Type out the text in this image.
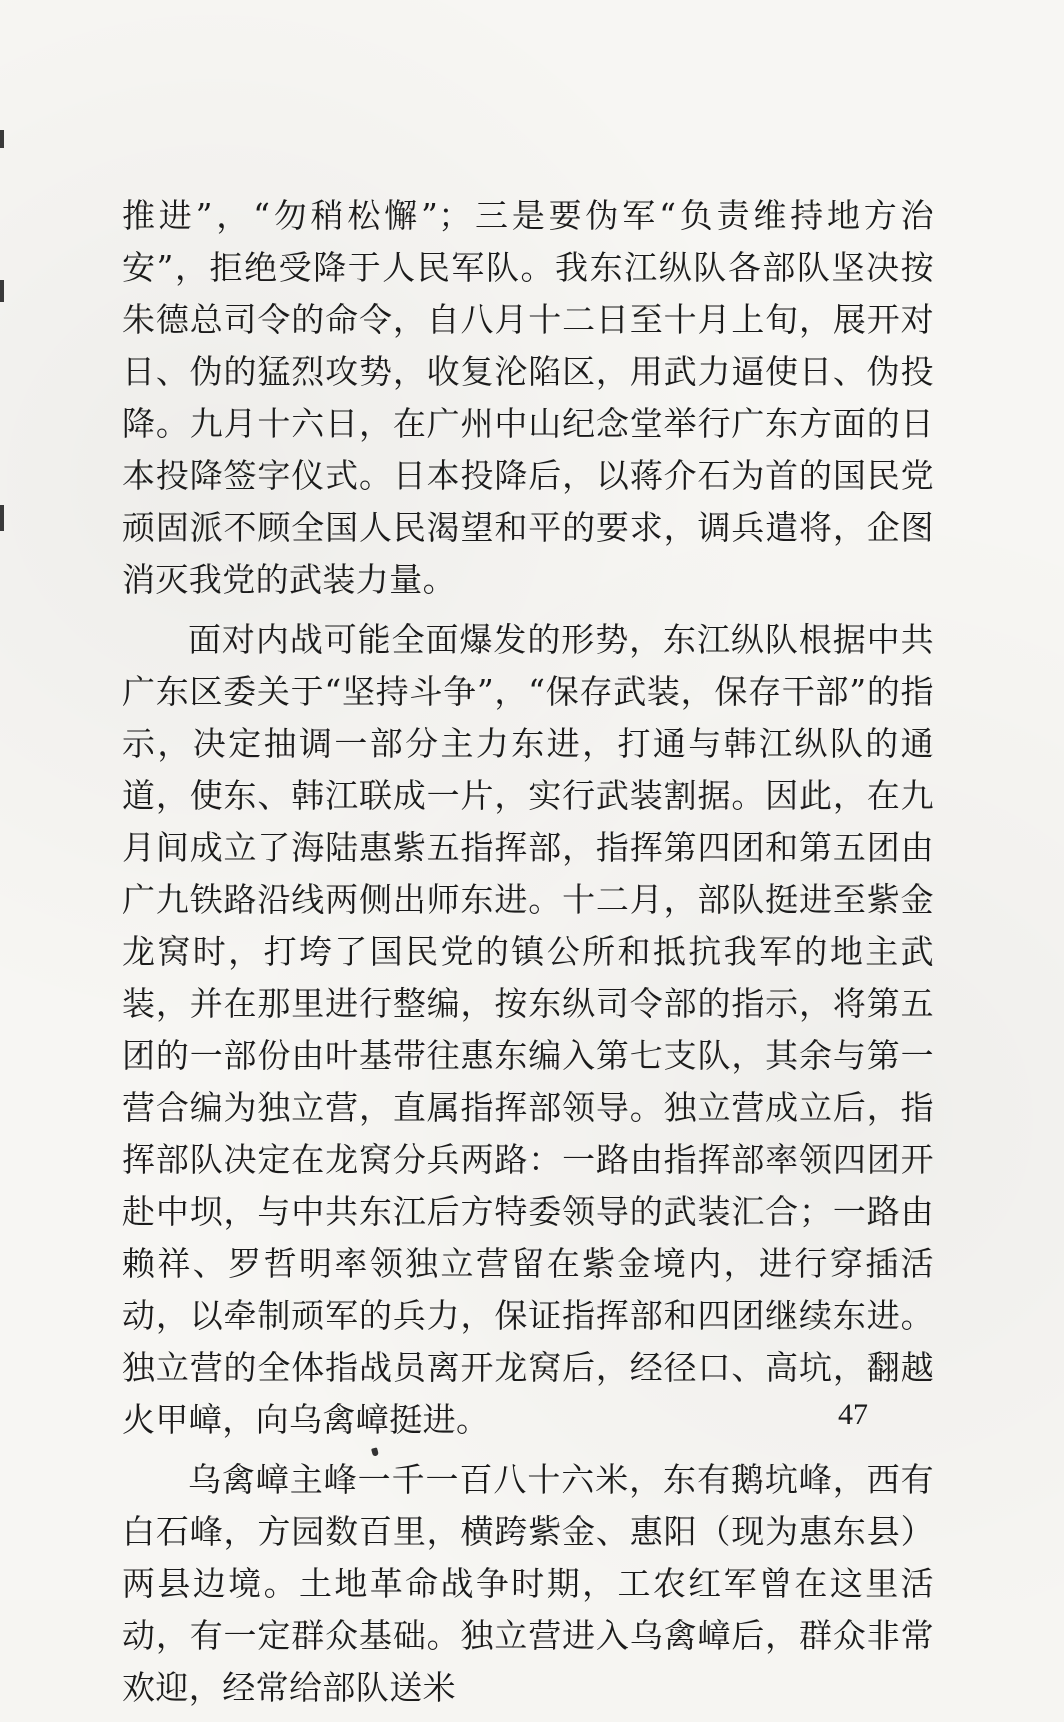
推进”，“勿稍松懈”；三是要伪军“负责维持地方治安”，拒绝受降于人民军队。我东江纵队各部队坚决按朱德总司令的命令，自八月十二日至十月上旬，展开对日、伪的猛烈攻势，收复沦陷区，用武力逼使日、伪投降。九月十六日，在广州中山纪念堂举行广东方面的日本投降签字仪式。日本投降后，以蒋介石为首的国民党顽固派不顾全国人民渴望和平的要求，调兵遣将，企图消灭我党的武装力量。

面对内战可能全面爆发的形势，东江纵队根据中共广东区委关于“坚持斗争”，“保存武装，保存干部”的指示，决定抽调一部分主力东进，打通与韩江纵队的通道，使东、韩江联成一片，实行武装割据。因此，在九月间成立了海陆惠紫五指挥部，指挥第四团和第五团由广九铁路沿线两侧出师东进。十二月，部队挺进至紫金龙窝时，打垮了国民党的镇公所和抵抗我军的地主武装，并在那里进行整编，按东纵司令部的指示，将第五团的一部份由叶基带往惠东编入第七支队，其余与第一营合编为独立营，直属指挥部领导。独立营成立后，指挥部队决定在龙窝分兵两路：一路由指挥部率领四团开赴中坝，与中共东江后方特委领导的武装汇合；一路由赖祥、罗哲明率领独立营留在紫金境内，进行穿插活动，以牵制顽军的兵力，保证指挥部和四团继续东进。独立营的全体指战员离开龙窝后，经径口、高坑，翻越火甲嶂，向乌禽嶂挺进。

乌禽嶂主峰一千一百八十六米，东有鹅坑峰，西有白石峰，方园数百里，横跨紫金、惠阳（现为惠东县）两县边境。土地革命战争时期，工农红军曾在这里活动，有一定群众基础。独立营进入乌禽嶂后，群众非常欢迎，经常给部队送米

47
